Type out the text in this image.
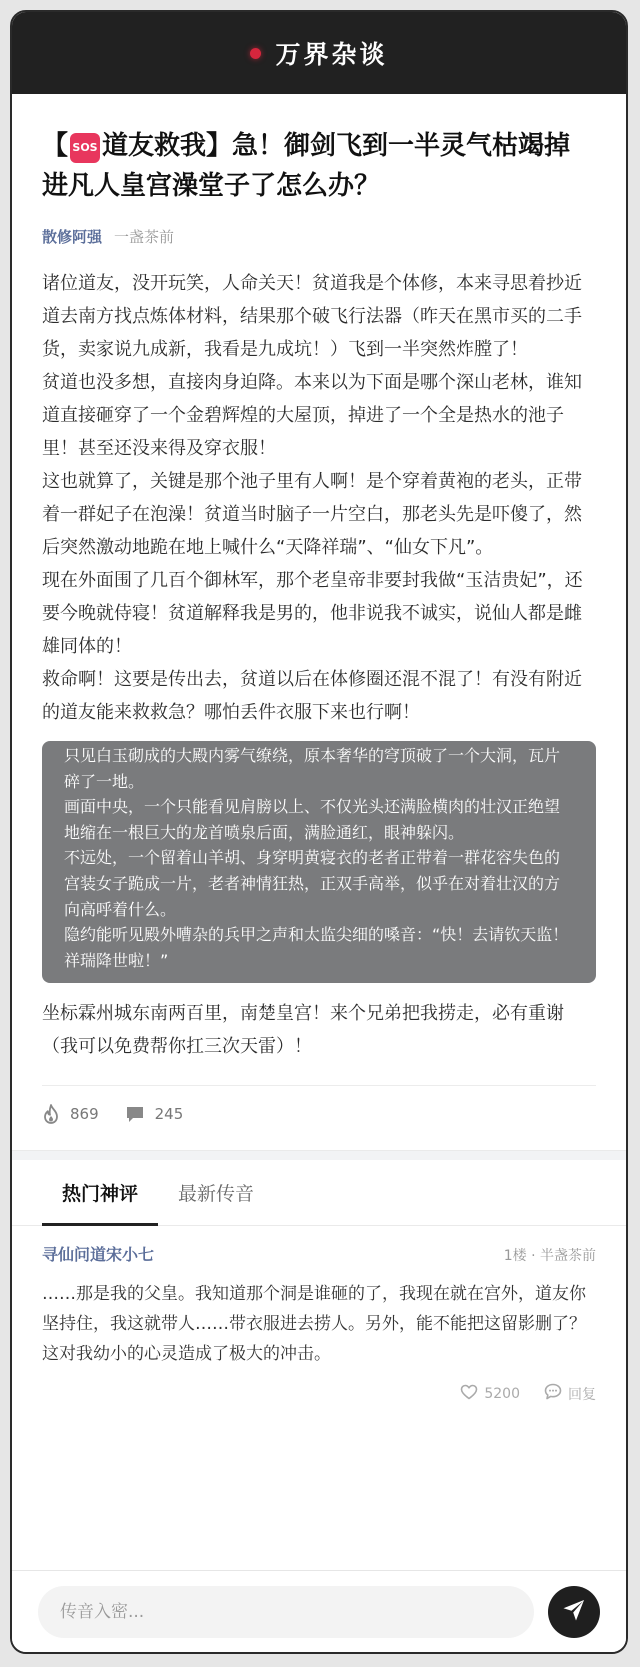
万界杂谈
【 SOS 道友救我】急！御剑飞到一半灵气枯竭掉进凡人皇宫澡堂子了怎么办？
散修阿强 一盏茶前

诸位道友，没开玩笑，人命关天！贫道我是个体修，本来寻思着抄近道去南方找点炼体材料，结果那个破飞行法器（昨天在黑市买的二手货，卖家说九成新，我看是九成坑！）飞到一半突然炸膛了！

贫道也没多想，直接肉身迫降。本来以为下面是哪个深山老林，谁知道直接砸穿了一个金碧辉煌的大屋顶，掉进了一个全是热水的池子里！甚至还没来得及穿衣服！

这也就算了，关键是那个池子里有人啊！是个穿着黄袍的老头，正带着一群妃子在泡澡！贫道当时脑子一片空白，那老头先是吓傻了，然后突然激动地跪在地上喊什么“天降祥瑞”、“仙女下凡”。

现在外面围了几百个御林军，那个老皇帝非要封我做“玉洁贵妃”，还要今晚就侍寝！贫道解释我是男的，他非说我不诚实，说仙人都是雌雄同体的！

救命啊！这要是传出去，贫道以后在体修圈还混不混了！有没有附近的道友能来救救急？哪怕丢件衣服下来也行啊！

只见白玉砌成的大殿内雾气缭绕，原本奢华的穹顶破了一个大洞，瓦片碎了一地。

画面中央，一个只能看见肩膀以上、不仅光头还满脸横肉的壮汉正绝望地缩在一根巨大的龙首喷泉后面，满脸通红，眼神躲闪。

不远处，一个留着山羊胡、身穿明黄寝衣的老者正带着一群花容失色的宫装女子跪成一片，老者神情狂热，正双手高举，似乎在对着壮汉的方向高呼着什么。

隐约能听见殿外嘈杂的兵甲之声和太监尖细的嗓音：“快！去请钦天监！祥瑞降世啦！”

坐标霖州城东南两百里，南楚皇宫！来个兄弟把我捞走，必有重谢（我可以免费帮你扛三次天雷）！

869	245
热门神评	最新传音
寻仙问道宋小七	1楼 · 半盏茶前
……那是我的父皇。我知道那个洞是谁砸的了，我现在就在宫外，道友你坚持住，我这就带人……带衣服进去捞人。另外，能不能把这留影删了？这对我幼小的心灵造成了极大的冲击。
5200	回复
传音入密...
